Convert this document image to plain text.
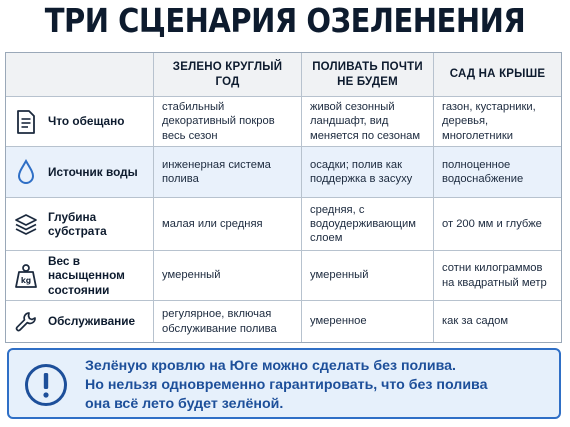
ТРИ СЦЕНАРИЯ ОЗЕЛЕНЕНИЯ
ЗЕЛЕНО КРУГЛЫЙ ГОД
ПОЛИВАТЬ ПОЧТИ НЕ БУДЕМ
САД НА КРЫШЕ
Что обещано
стабильный декоративный покров весь сезон
живой сезонный ландшафт, вид меняется по сезонам
газон, кустарники, деревья, многолетники
Источник воды
инженерная система полива
осадки; полив как поддержка в засуху
полноценное водоснабжение
Глубина субстрата
малая или средняя
средняя, с водоудерживающим слоем
от 200 мм и глубже
kg
Вес в насыщенном состоянии
умеренный	умеренный
сотни килограммов на квадратный метр
Обслуживание
регулярное, включая обслуживание полива
умеренное	как за садом
Зелёную кровлю на Юге можно сделать без полива.
Но нельзя одновременно гарантировать, что без полива
она всё лето будет зелёной.
